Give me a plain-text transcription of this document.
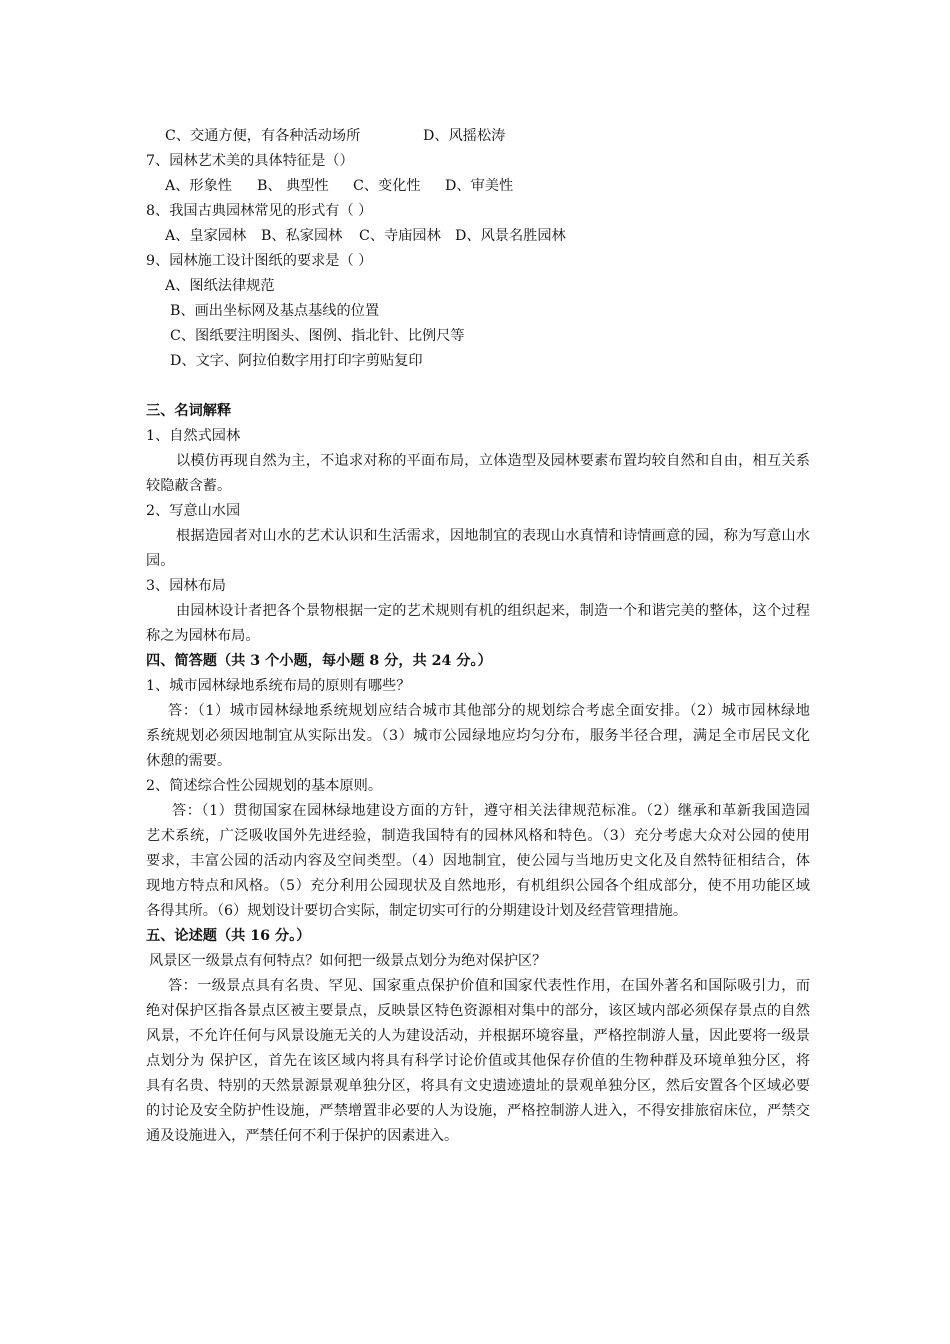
C、交通方便，有各种活动场所	D、风摇松涛
7、园林艺术美的具体特征是（）
A、形象性 B、 典型性 C、变化性 D、审美性
8、我国古典园林常见的形式有（ ）
A、皇家园林 B、私家园林 C、寺庙园林 D、风景名胜园林
9、园林施工设计图纸的要求是（ ）
A、图纸法律规范
B、画出坐标网及基点基线的位置
C、图纸要注明图头、图例、指北针、比例尺等
D、文字、阿拉伯数字用打印字剪贴复印
三、名词解释
1、自然式园林
以模仿再现自然为主，不追求对称的平面布局，立体造型及园林要素布置均较自然和自由，相互关系
较隐蔽含蓄。
2、写意山水园
根据造园者对山水的艺术认识和生活需求，因地制宜的表现山水真情和诗情画意的园，称为写意山水
园。
3、园林布局
由园林设计者把各个景物根据一定的艺术规则有机的组织起来，制造一个和谐完美的整体，这个过程
称之为园林布局。
四、简答题（共 3 个小题，每小题 8 分，共 24 分。）
1、城市园林绿地系统布局的原则有哪些？
答：（1）城市园林绿地系统规划应结合城市其他部分的规划综合考虑全面安排。（2）城市园林绿地
系统规划必须因地制宜从实际出发。（3）城市公园绿地应均匀分布，服务半径合理，满足全市居民文化
休憩的需要。
2、简述综合性公园规划的基本原则。
答：（1）贯彻国家在园林绿地建设方面的方针，遵守相关法律规范标准。（2）继承和革新我国造园
艺术系统，广泛吸收国外先进经验，制造我国特有的园林风格和特色。（3）充分考虑大众对公园的使用
要求，丰富公园的活动内容及空间类型。（4）因地制宜，使公园与当地历史文化及自然特征相结合，体
现地方特点和风格。（5）充分利用公园现状及自然地形，有机组织公园各个组成部分，使不用功能区域
各得其所。（6）规划设计要切合实际，制定切实可行的分期建设计划及经营管理措施。
五、论述题（共 16 分。）
风景区一级景点有何特点？如何把一级景点划分为绝对保护区？
答：一级景点具有名贵、罕见、国家重点保护价值和国家代表性作用，在国外著名和国际吸引力，而
绝对保护区指各景点区被主要景点，反映景区特色资源相对集中的部分，该区域内部必须保存景点的自然
风景，不允许任何与风景设施无关的人为建设活动，并根据环境容量，严格控制游人量，因此要将一级景
点划分为 保护区，首先在该区域内将具有科学讨论价值或其他保存价值的生物种群及环境单独分区，将
具有名贵、特别的天然景源景观单独分区，将具有文史遗迹遗址的景观单独分区，然后安置各个区域必要
的讨论及安全防护性设施，严禁增置非必要的人为设施，严格控制游人进入，不得安排旅宿床位，严禁交
通及设施进入，严禁任何不利于保护的因素进入。
